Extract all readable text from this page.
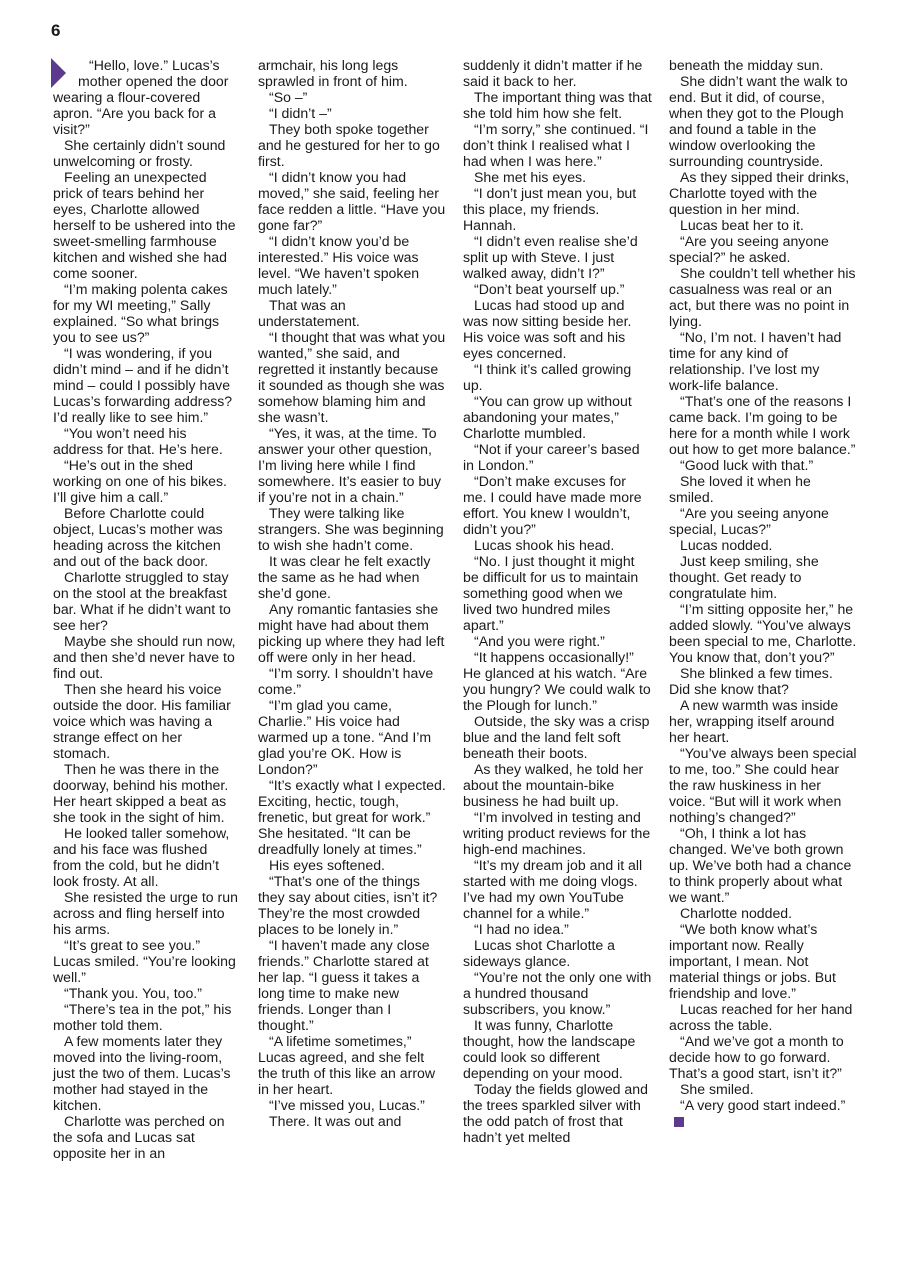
6

“Hello, love.” Lucas’s mother opened the door wearing a flour-covered apron. “Are you back for a visit?”

She certainly didn’t sound unwelcoming or frosty.

Feeling an unexpected prick of tears behind her eyes, Charlotte allowed herself to be ushered into the sweet-smelling farmhouse kitchen and wished she had come sooner.

“I’m making polenta cakes for my WI meeting,” Sally explained. “So what brings you to see us?”

“I was wondering, if you didn’t mind – and if he didn’t mind – could I possibly have Lucas’s forwarding address? I’d really like to see him.”

“You won’t need his address for that. He’s here.

“He’s out in the shed working on one of his bikes. I’ll give him a call.”

Before Charlotte could object, Lucas’s mother was heading across the kitchen and out of the back door.

Charlotte struggled to stay on the stool at the breakfast bar. What if he didn’t want to see her?

Maybe she should run now, and then she’d never have to find out.

Then she heard his voice outside the door. His familiar voice which was having a strange effect on her stomach.

Then he was there in the doorway, behind his mother. Her heart skipped a beat as she took in the sight of him.

He looked taller somehow, and his face was flushed from the cold, but he didn’t look frosty. At all.

She resisted the urge to run across and fling herself into his arms.

“It’s great to see you.” Lucas smiled. “You’re looking well.”

“Thank you. You, too.”

“There’s tea in the pot,” his mother told them.

A few moments later they moved into the living-room, just the two of them. Lucas’s mother had stayed in the kitchen.

Charlotte was perched on the sofa and Lucas sat opposite her in an

armchair, his long legs sprawled in front of him.

“So –”

“I didn’t –”

They both spoke together and he gestured for her to go first.

“I didn’t know you had moved,” she said, feeling her face redden a little. “Have you gone far?”

“I didn’t know you’d be interested.” His voice was level. “We haven’t spoken much lately.”

That was an understatement.

“I thought that was what you wanted,” she said, and regretted it instantly because it sounded as though she was somehow blaming him and she wasn’t.

“Yes, it was, at the time. To answer your other question, I’m living here while I find somewhere. It’s easier to buy if you’re not in a chain.”

They were talking like strangers. She was beginning to wish she hadn’t come.

It was clear he felt exactly the same as he had when she’d gone.

Any romantic fantasies she might have had about them picking up where they had left off were only in her head.

“I’m sorry. I shouldn’t have come.”

“I’m glad you came, Charlie.” His voice had warmed up a tone. “And I’m glad you’re OK. How is London?”

“It’s exactly what I expected. Exciting, hectic, tough, frenetic, but great for work.” She hesitated. “It can be dreadfully lonely at times.”

His eyes softened.

“That’s one of the things they say about cities, isn’t it? They’re the most crowded places to be lonely in.”

“I haven’t made any close friends.” Charlotte stared at her lap. “I guess it takes a long time to make new friends. Longer than I thought.”

“A lifetime sometimes,” Lucas agreed, and she felt the truth of this like an arrow in her heart.

“I’ve missed you, Lucas.”

There. It was out and

suddenly it didn’t matter if he said it back to her.

The important thing was that she told him how she felt.

“I’m sorry,” she continued. “I don’t think I realised what I had when I was here.”

She met his eyes.

“I don’t just mean you, but this place, my friends. Hannah.

“I didn’t even realise she’d split up with Steve. I just walked away, didn’t I?”

“Don’t beat yourself up.”

Lucas had stood up and was now sitting beside her. His voice was soft and his eyes concerned.

“I think it’s called growing up.

“You can grow up without abandoning your mates,” Charlotte mumbled.

“Not if your career’s based in London.”

“Don’t make excuses for me. I could have made more effort. You knew I wouldn’t, didn’t you?”

Lucas shook his head.

“No. I just thought it might be difficult for us to maintain something good when we lived two hundred miles apart.”

“And you were right.”

“It happens occasionally!” He glanced at his watch. “Are you hungry? We could walk to the Plough for lunch.”

Outside, the sky was a crisp blue and the land felt soft beneath their boots.

As they walked, he told her about the mountain-bike business he had built up.

“I’m involved in testing and writing product reviews for the high-end machines.

“It’s my dream job and it all started with me doing vlogs. I’ve had my own YouTube channel for a while.”

“I had no idea.”

Lucas shot Charlotte a sideways glance.

“You’re not the only one with a hundred thousand subscribers, you know.”

It was funny, Charlotte thought, how the landscape could look so different depending on your mood.

Today the fields glowed and the trees sparkled silver with the odd patch of frost that hadn’t yet melted

beneath the midday sun.

She didn’t want the walk to end. But it did, of course, when they got to the Plough and found a table in the window overlooking the surrounding countryside.

As they sipped their drinks, Charlotte toyed with the question in her mind.

Lucas beat her to it.

“Are you seeing anyone special?” he asked.

She couldn’t tell whether his casualness was real or an act, but there was no point in lying.

“No, I’m not. I haven’t had time for any kind of relationship. I’ve lost my work-life balance.

“That’s one of the reasons I came back. I’m going to be here for a month while I work out how to get more balance.”

“Good luck with that.”

She loved it when he smiled.

“Are you seeing anyone special, Lucas?”

Lucas nodded.

Just keep smiling, she thought. Get ready to congratulate him.

“I’m sitting opposite her,” he added slowly. “You’ve always been special to me, Charlotte. You know that, don’t you?”

She blinked a few times. Did she know that?

A new warmth was inside her, wrapping itself around her heart.

“You’ve always been special to me, too.” She could hear the raw huskiness in her voice. “But will it work when nothing’s changed?”

“Oh, I think a lot has changed. We’ve both grown up. We’ve both had a chance to think properly about what we want.”

Charlotte nodded.

“We both know what’s important now. Really important, I mean. Not material things or jobs. But friendship and love.”

Lucas reached for her hand across the table.

“And we’ve got a month to decide how to go forward. That’s a good start, isn’t it?”

She smiled.

“A very good start indeed.”
